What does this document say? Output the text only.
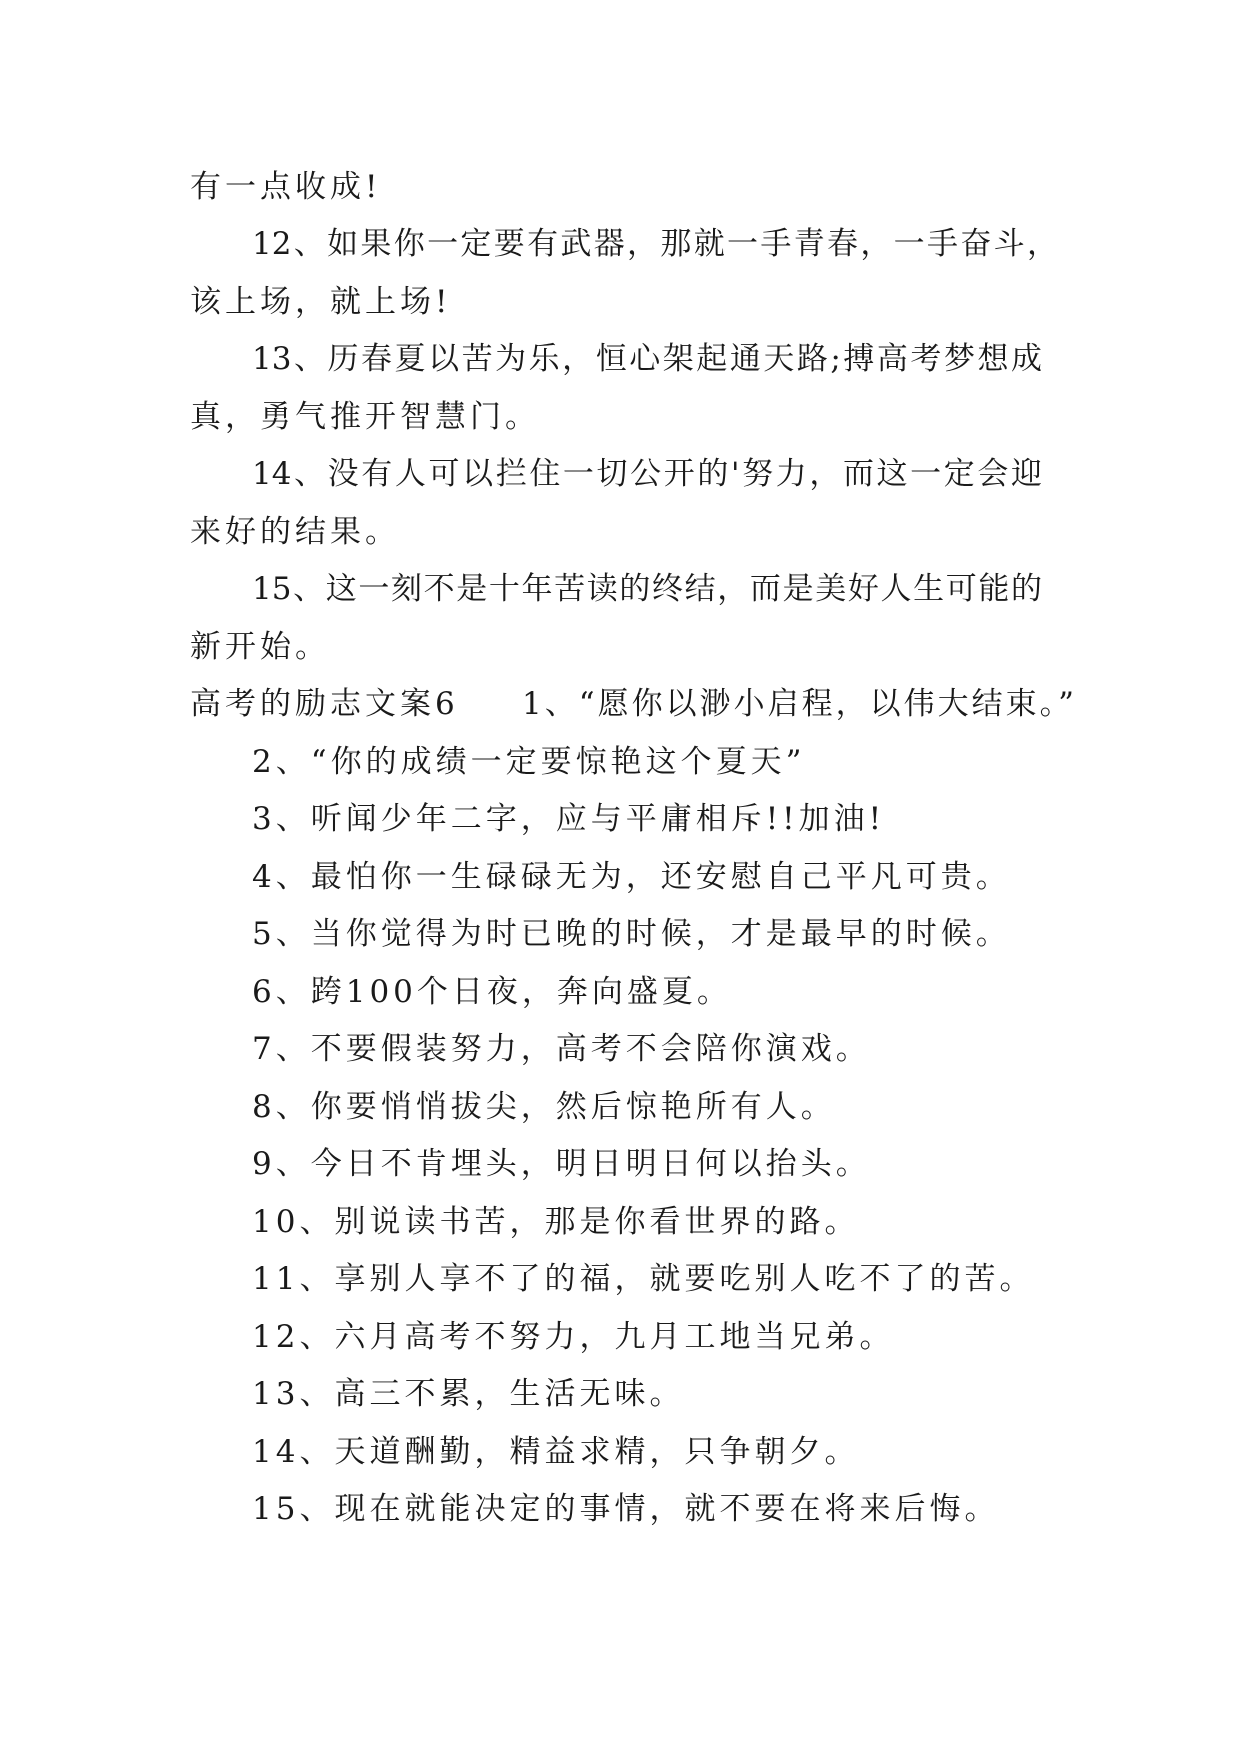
有一点收成!
12、如果你一定要有武器，那就一手青春，一手奋斗，
该上场，就上场!
13、历春夏以苦为乐，恒心架起通天路;搏高考梦想成
真，勇气推开智慧门。
14、没有人可以拦住一切公开的'努力，而这一定会迎
来好的结果。
15、这一刻不是十年苦读的终结，而是美好人生可能的
新开始。
高考的励志文案6 1、“愿你以渺小启程，以伟大结束。”
2、“你的成绩一定要惊艳这个夏天”
3、听闻少年二字，应与平庸相斥!!加油!
4、最怕你一生碌碌无为，还安慰自己平凡可贵。
5、当你觉得为时已晚的时候，才是最早的时候。
6、跨100个日夜，奔向盛夏。
7、不要假装努力，高考不会陪你演戏。
8、你要悄悄拔尖，然后惊艳所有人。
9、今日不肯埋头，明日明日何以抬头。
10、别说读书苦，那是你看世界的路。
11、享别人享不了的福，就要吃别人吃不了的苦。
12、六月高考不努力，九月工地当兄弟。
13、高三不累，生活无味。
14、天道酬勤，精益求精，只争朝夕。
15、现在就能决定的事情，就不要在将来后悔。
